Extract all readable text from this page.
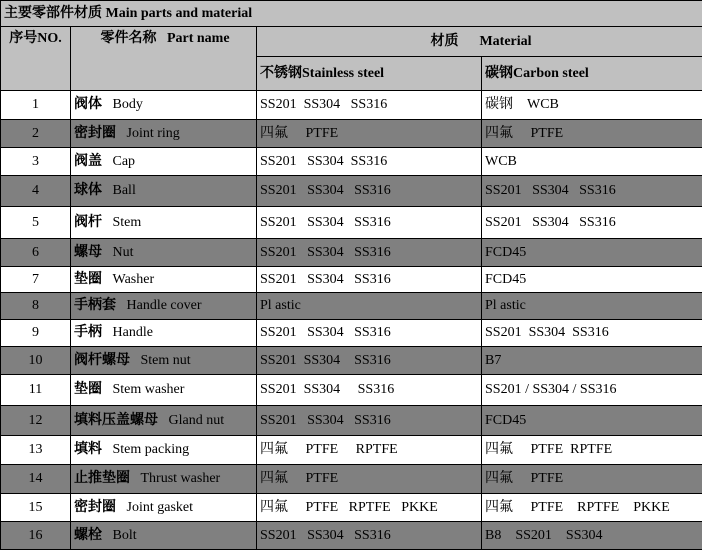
主要零部件材质 Main parts and material			
序号NO.	零件名称 Part name	材质 Material	
		不锈钢Stainless steel	碳钢Carbon steel
1	阀体 Body	SS201  SS304   SS316	碳钢    WCB
2	密封圈 Joint ring	四氟     PTFE	四氟     PTFE
3	阀盖 Cap	SS201   SS304  SS316	WCB
4	球体 Ball	SS201   SS304   SS316	SS201   SS304   SS316
5	阀杆 Stem	SS201   SS304   SS316	SS201   SS304   SS316
6	螺母 Nut	SS201   SS304   SS316	FCD45
7	垫圈 Washer	SS201   SS304   SS316	FCD45
8	手柄套 Handle cover	Pl astic	Pl astic
9	手柄 Handle	SS201   SS304   SS316	SS201  SS304  SS316
10	阀杆螺母 Stem nut	SS201  SS304    SS316	B7
11	垫圈 Stem washer	SS201  SS304     SS316	SS201 / SS304 / SS316
12	填料压盖螺母 Gland nut	SS201   SS304   SS316	FCD45
13	填料 Stem packing	四氟     PTFE     RPTFE	四氟     PTFE  RPTFE
14	止推垫圈 Thrust washer	四氟     PTFE	四氟     PTFE
15	密封圈 Joint gasket	四氟     PTFE   RPTFE   PKKE	四氟     PTFE    RPTFE    PKKE
16	螺栓 Bolt	SS201   SS304   SS316	B8    SS201    SS304
